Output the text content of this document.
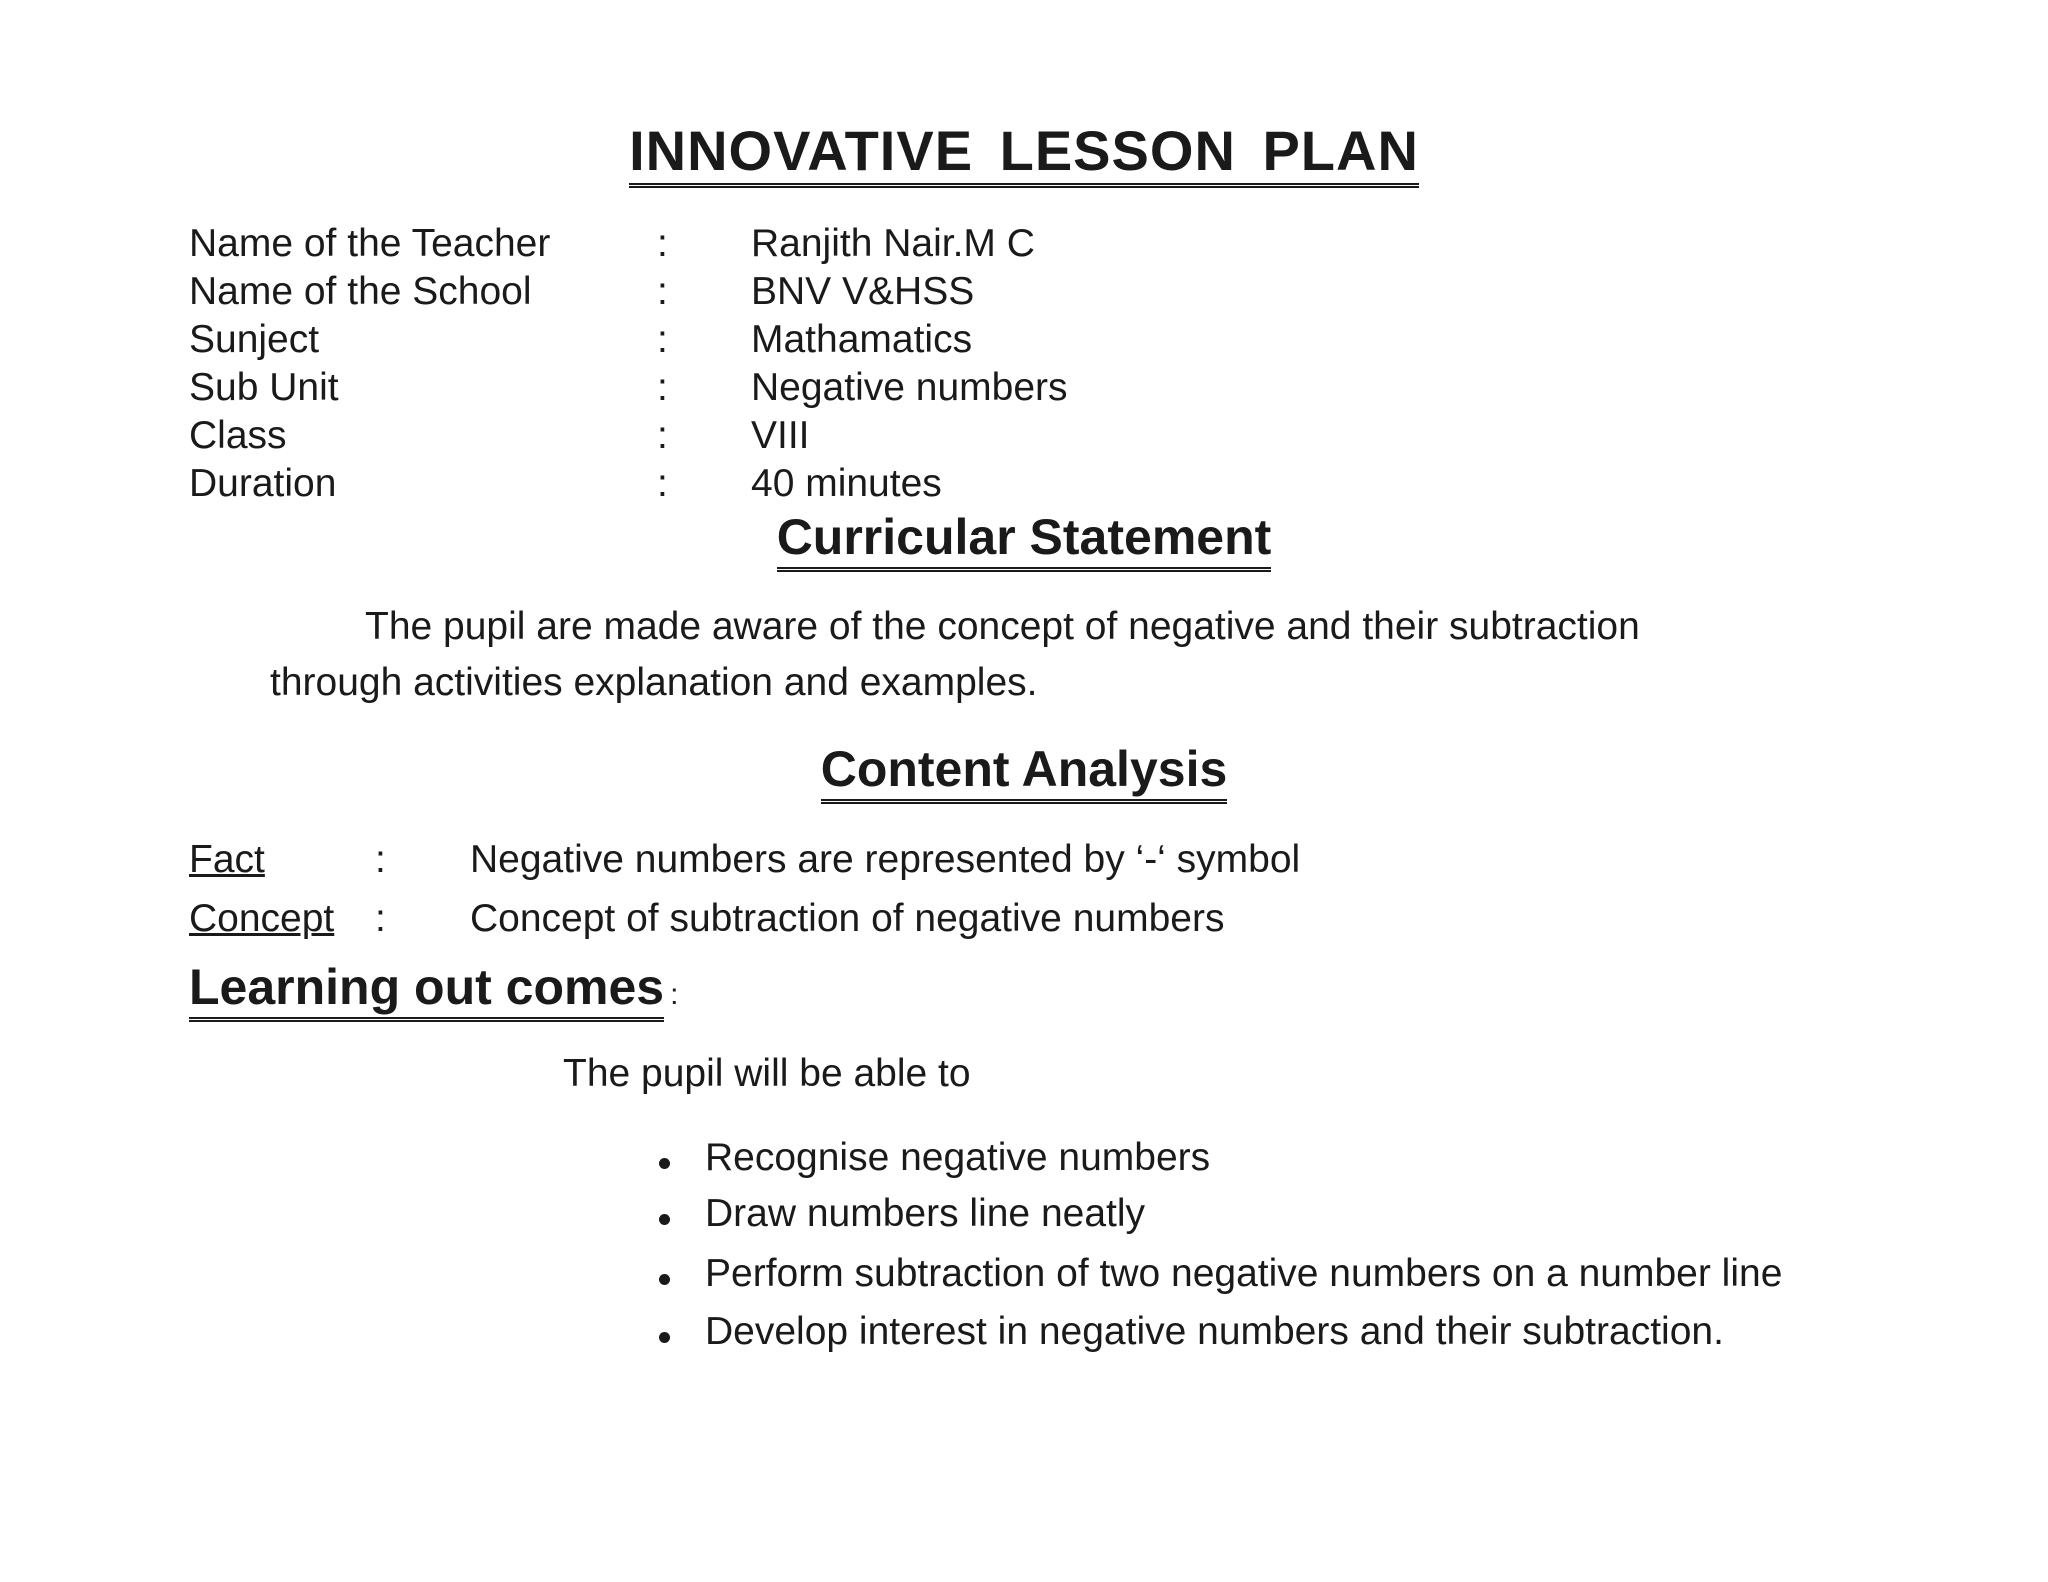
INNOVATIVE LESSON PLAN
Name of the Teacher	: Ranjith Nair.M C
Name of the School	: BNV V&HSS
Sunject	: Mathamatics
Sub Unit	: Negative numbers
Class	: VIII
Duration	: 40 minutes
Curricular Statement
The pupil are made aware of the concept of negative and their subtraction
through activities explanation and examples.
Content Analysis
Fact	: Negative numbers are represented by ‘-‘ symbol
Concept : Concept of subtraction of negative numbers
Learning out comes :
The pupil will be able to
Recognise negative numbers
Draw numbers line neatly
Perform subtraction of two negative numbers on a number line
Develop interest in negative numbers and their subtraction.
